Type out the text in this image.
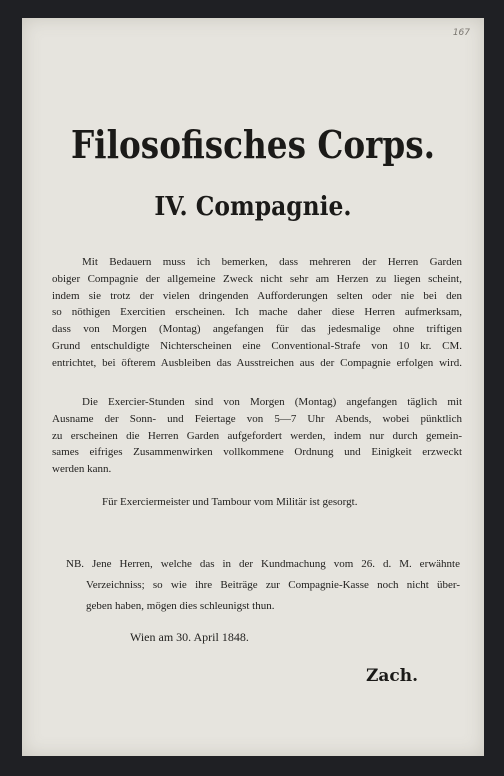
167
Filosofisches Corps.
IV. Compagnie.
Mit Bedauern muss ich bemerken, dass mehreren der Herren Garden
obiger Compagnie der allgemeine Zweck nicht sehr am Herzen zu liegen scheint,
indem sie trotz der vielen dringenden Aufforderungen selten oder nie bei den
so nöthigen Exercitien erscheinen. Ich mache daher diese Herren aufmerksam,
dass von Morgen (Montag) angefangen für das jedesmalige ohne triftigen
Grund entschuldigte Nichterscheinen eine Conventional-Strafe von 10 kr. CM.
entrichtet, bei öfterem Ausbleiben das Ausstreichen aus der Compagnie erfolgen wird.
Die Exercier-Stunden sind von Morgen (Montag) angefangen täglich mit
Ausname der Sonn- und Feiertage von 5—7 Uhr Abends, wobei pünktlich
zu erscheinen die Herren Garden aufgefordert werden, indem nur durch gemein-
sames eifriges Zusammenwirken vollkommene Ordnung und Einigkeit erzweckt
werden kann.
Für Exerciermeister und Tambour vom Militär ist gesorgt.
NB. Jene Herren, welche das in der Kundmachung vom 26. d. M. erwähnte
Verzeichniss; so wie ihre Beiträge zur Compagnie-Kasse noch nicht über-
geben haben, mögen dies schleunigst thun.
Wien am 30. April 1848.
Zach.
